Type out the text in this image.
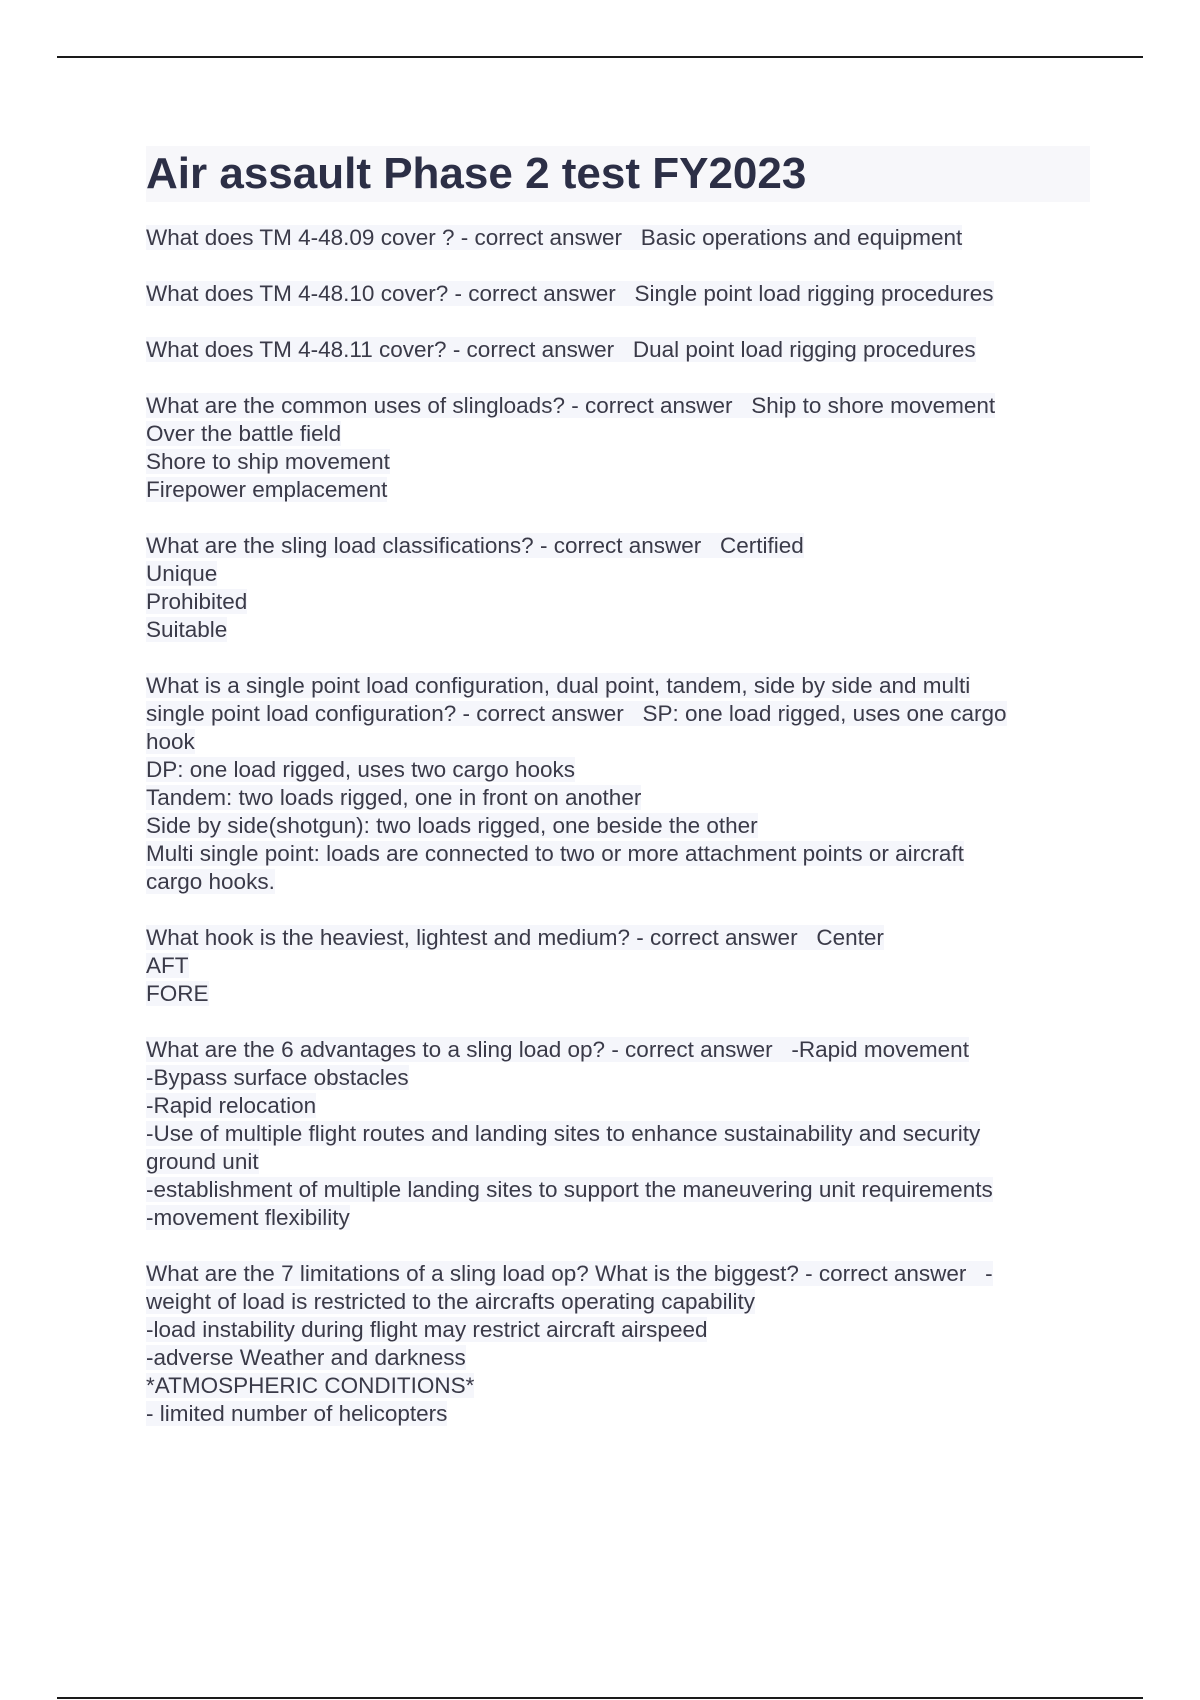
Air assault Phase 2 test FY2023
What does TM 4-48.09 cover ? - correct answer Basic operations and equipment
What does TM 4-48.10 cover? - correct answer Single point load rigging procedures
What does TM 4-48.11 cover? - correct answer Dual point load rigging procedures
What are the common uses of slingloads? - correct answer Ship to shore movement
Over the battle field
Shore to ship movement
Firepower emplacement
What are the sling load classifications? - correct answer Certified
Unique
Prohibited
Suitable
What is a single point load configuration, dual point, tandem, side by side and multi
single point load configuration? - correct answer SP: one load rigged, uses one cargo
hook
DP: one load rigged, uses two cargo hooks
Tandem: two loads rigged, one in front on another
Side by side(shotgun): two loads rigged, one beside the other
Multi single point: loads are connected to two or more attachment points or aircraft
cargo hooks.
What hook is the heaviest, lightest and medium? - correct answer Center
AFT
FORE
What are the 6 advantages to a sling load op? - correct answer -Rapid movement
-Bypass surface obstacles
-Rapid relocation
-Use of multiple flight routes and landing sites to enhance sustainability and security
ground unit
-establishment of multiple landing sites to support the maneuvering unit requirements
-movement flexibility
What are the 7 limitations of a sling load op? What is the biggest? - correct answer -
weight of load is restricted to the aircrafts operating capability
-load instability during flight may restrict aircraft airspeed
-adverse Weather and darkness
*ATMOSPHERIC CONDITIONS*
- limited number of helicopters
